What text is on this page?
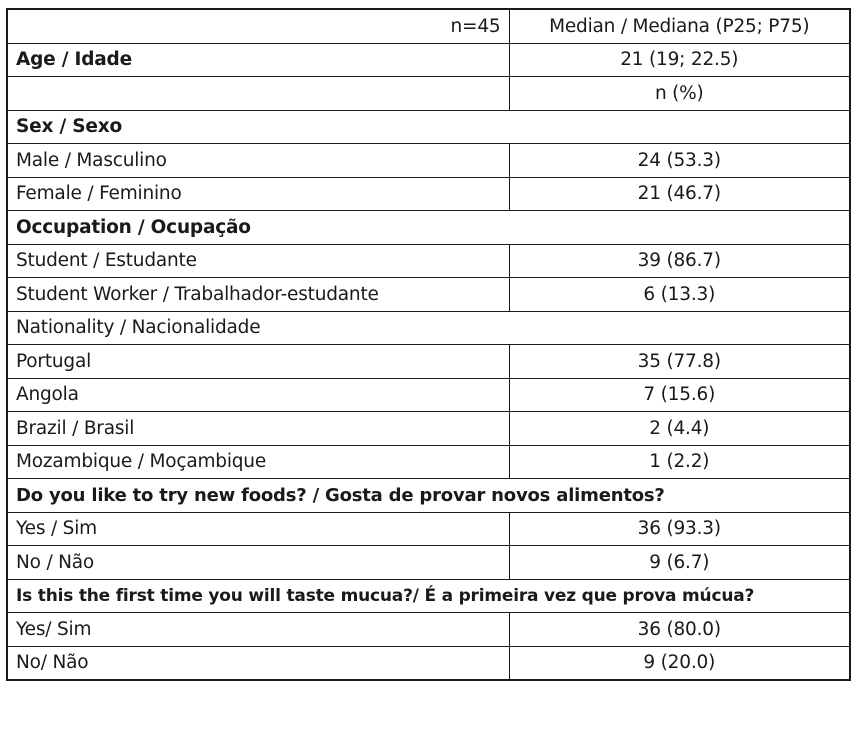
n=45	Median / Mediana (P25; P75)
Age / Idade	21 (19; 22.5)
	n (%)
Sex / Sexo	
Male / Masculino	24 (53.3)
Female / Feminino	21 (46.7)
Occupation / Ocupação	
Student / Estudante	39 (86.7)
Student Worker / Trabalhador-estudante	6 (13.3)
Nationality / Nacionalidade	
Portugal	35 (77.8)
Angola	7 (15.6)
Brazil / Brasil	2 (4.4)
Mozambique / Moçambique	1 (2.2)
Do you like to try new foods? / Gosta de provar novos alimentos?	
Yes / Sim	36 (93.3)
No / Não	9 (6.7)
Is this the first time you will taste mucua?/ É a primeira vez que prova múcua?	
Yes/ Sim	36 (80.0)
No/ Não	9 (20.0)
